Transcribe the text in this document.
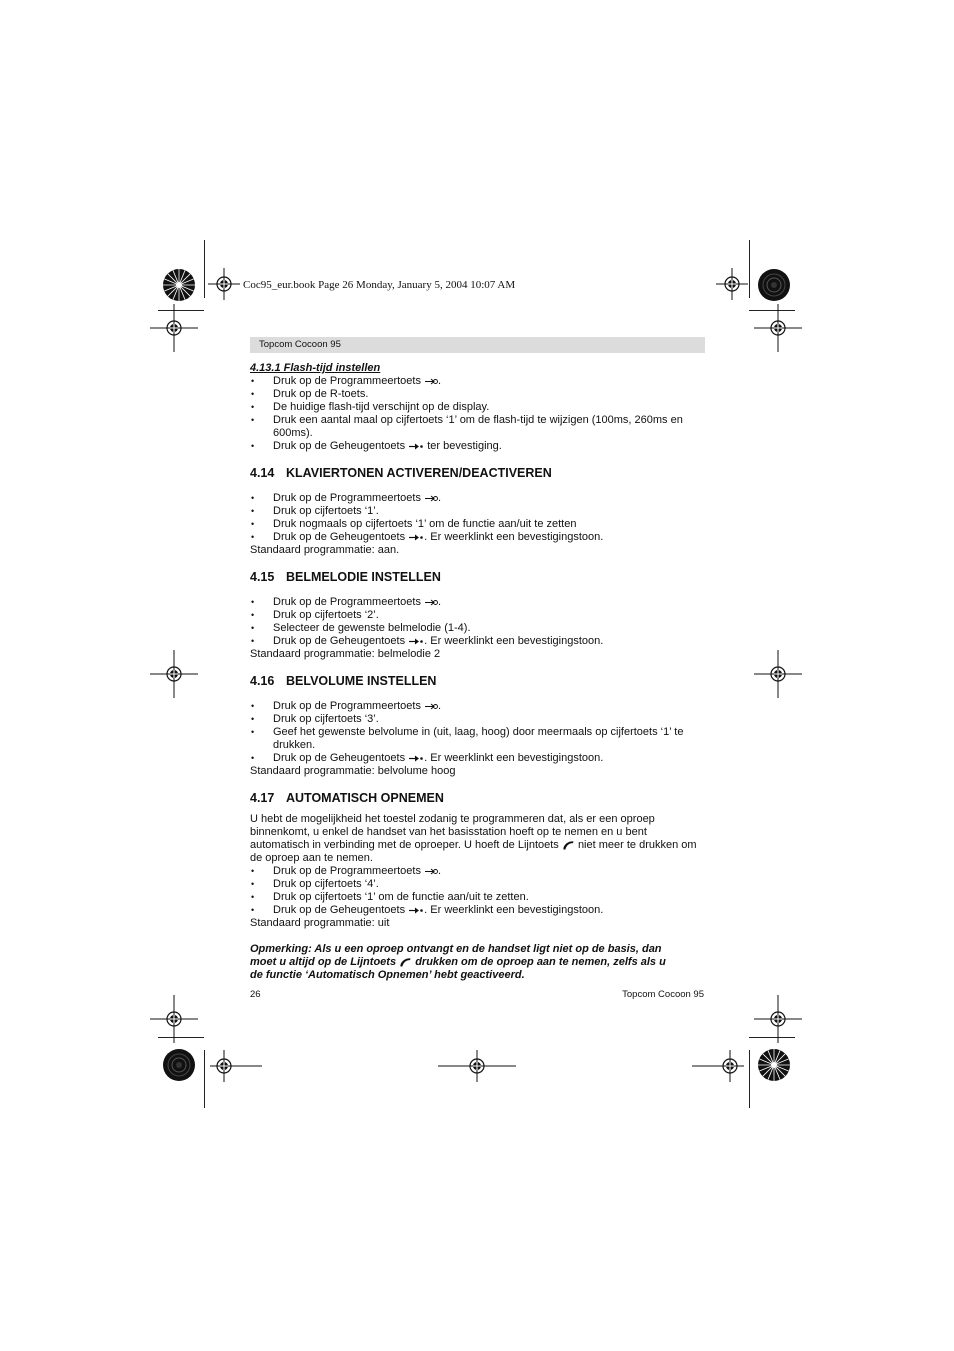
Coc95_eur.book Page 26 Monday, January 5, 2004 10:07 AM
Topcom Cocoon 95

4.13.1 Flash-tijd instellen

• Druk op de Programmeertoets .
• Druk op de R-toets.
• De huidige flash-tijd verschijnt op de display.
• Druk een aantal maal op cijfertoets ‘1’ om de flash-tijd te wijzigen (100ms, 260ms en 600ms).
• Druk op de Geheugentoets ter bevestiging.

4.14 KLAVIERTONEN ACTIVEREN/DEACTIVEREN

• Druk op de Programmeertoets .
• Druk op cijfertoets ‘1’.
• Druk nogmaals op cijfertoets ‘1’ om de functie aan/uit te zetten
• Druk op de Geheugentoets . Er weerklinkt een bevestigingstoon.

Standaard programmatie: aan.

4.15 BELMELODIE INSTELLEN

• Druk op de Programmeertoets .
• Druk op cijfertoets ‘2’.
• Selecteer de gewenste belmelodie (1-4).
• Druk op de Geheugentoets . Er weerklinkt een bevestigingstoon.

Standaard programmatie: belmelodie 2

4.16 BELVOLUME INSTELLEN

• Druk op de Programmeertoets .
• Druk op cijfertoets ‘3’.
• Geef het gewenste belvolume in (uit, laag, hoog) door meermaals op cijfertoets ‘1’ te drukken.
• Druk op de Geheugentoets . Er weerklinkt een bevestigingstoon.

Standaard programmatie: belvolume hoog

4.17 AUTOMATISCH OPNEMEN

U hebt de mogelijkheid het toestel zodanig te programmeren dat, als er een oproep binnenkomt, u enkel de handset van het basisstation hoeft op te nemen en u bent automatisch in verbinding met de oproeper. U hoeft de Lijntoets niet meer te drukken om de oproep aan te nemen.

• Druk op de Programmeertoets .
• Druk op cijfertoets ‘4’.
• Druk op cijfertoets ‘1’ om de functie aan/uit te zetten.
• Druk op de Geheugentoets . Er weerklinkt een bevestigingstoon.

Standaard programmatie: uit

Opmerking: Als u een oproep ontvangt en de handset ligt niet op de basis, dan moet u altijd op de Lijntoets drukken om de oproep aan te nemen, zelfs als u de functie ‘Automatisch Opnemen’ hebt geactiveerd.

26	Topcom Cocoon 95
